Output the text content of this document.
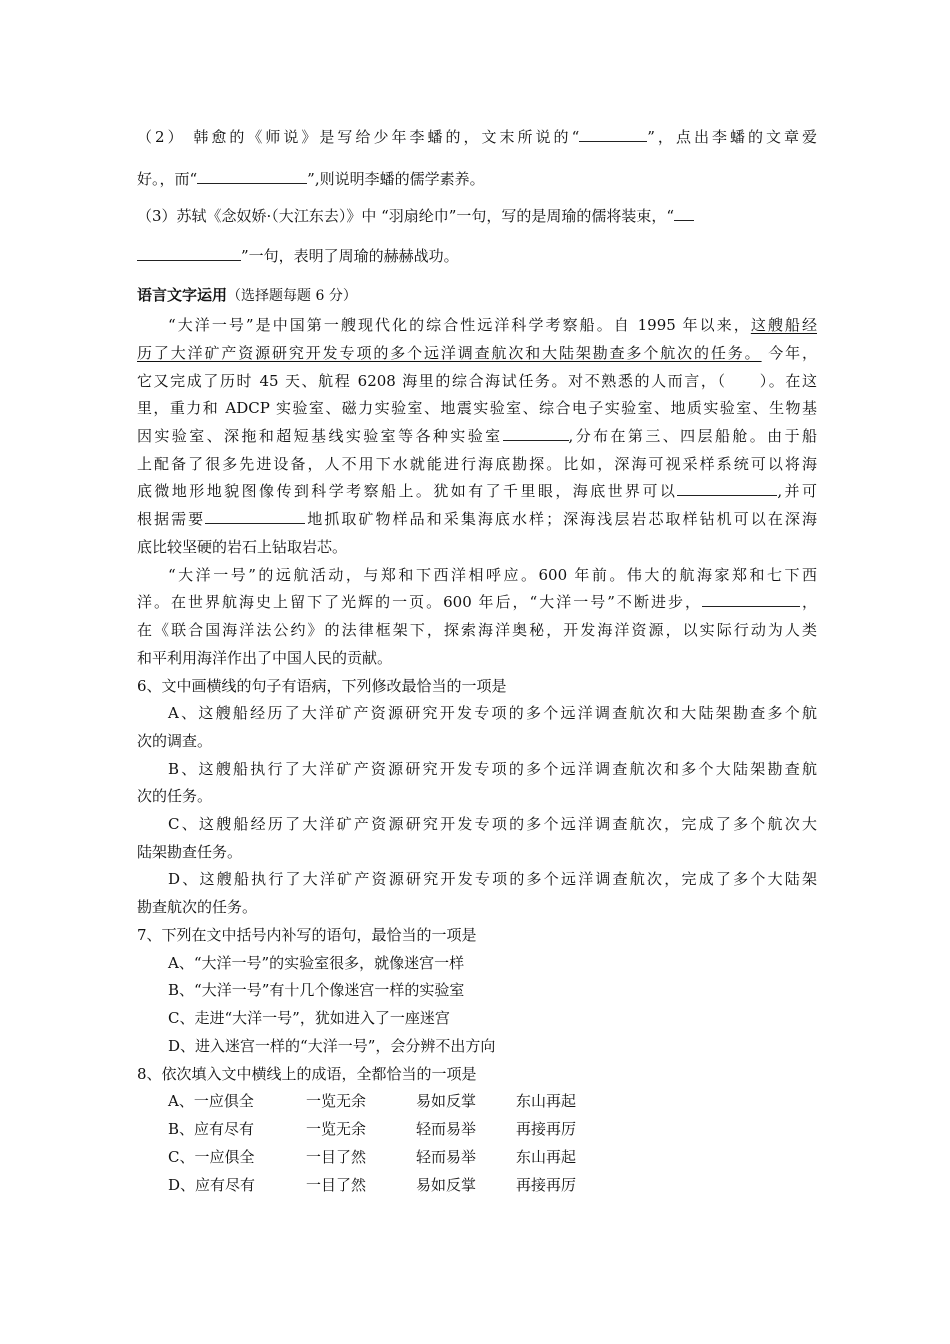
（2） 韩愈的《师说》是写给少年李蟠的，文末所说的“	”，点出李蟠的文章爱
好。，而“	”,则说明李蟠的儒学素养。
（3）苏轼《念奴娇·（大江东去）》中 “羽扇纶巾”一句，写的是周瑜的儒将装束，“
”一句，表明了周瑜的赫赫战功。
语言文字运用（选择题每题 6 分）
“大洋一号”是中国第一艘现代化的综合性远洋科学考察船。自 1995 年以来，这艘船经
历了大洋矿产资源研究开发专项的多个远洋调查航次和大陆架勘查多个航次的任务。 今年，
它又完成了历时 45 天、航程 6208 海里的综合海试任务。对不熟悉的人而言，（　　）。在这
里，重力和 ADCP 实验室、磁力实验室、地震实验室、综合电子实验室、地质实验室、生物基
因实验室、深拖和超短基线实验室等各种实验室	,分布在第三、四层船舱。由于船
上配备了很多先进设备，人不用下水就能进行海底勘探。比如，深海可视采样系统可以将海
底微地形地貌图像传到科学考察船上。犹如有了千里眼，海底世界可以	,并可
根据需要	地抓取矿物样品和采集海底水样；深海浅层岩芯取样钻机可以在深海
底比较坚硬的岩石上钻取岩芯。
“大洋一号”的远航活动，与郑和下西洋相呼应。600 年前。伟大的航海家郑和七下西
洋。在世界航海史上留下了光辉的一页。600 年后，“大洋一号”不断进步，	，
在《联合国海洋法公约》的法律框架下，探索海洋奥秘，开发海洋资源，以实际行动为人类
和平利用海洋作出了中国人民的贡献。
6、文中画横线的句子有语病，下列修改最恰当的一项是
A、这艘船经历了大洋矿产资源研究开发专项的多个远洋调查航次和大陆架勘查多个航
次的调查。
B、这艘船执行了大洋矿产资源研究开发专项的多个远洋调查航次和多个大陆架勘查航
次的任务。
C、这艘船经历了大洋矿产资源研究开发专项的多个远洋调查航次，完成了多个航次大
陆架勘查任务。
D、这艘船执行了大洋矿产资源研究开发专项的多个远洋调查航次，完成了多个大陆架
勘查航次的任务。
7、下列在文中括号内补写的语句，最恰当的一项是
A、“大洋一号”的实验室很多，就像迷宫一样
B、“大洋一号”有十几个像迷宫一样的实验室
C、走进“大洋一号”，犹如进入了一座迷宫
D、进入迷宫一样的“大洋一号”，会分辨不出方向
8、依次填入文中横线上的成语，全都恰当的一项是
A、一应俱全	一览无余	易如反掌	东山再起
B、应有尽有	一览无余	轻而易举	再接再厉
C、一应俱全	一目了然	轻而易举	东山再起
D、应有尽有	一目了然	易如反掌	再接再厉
